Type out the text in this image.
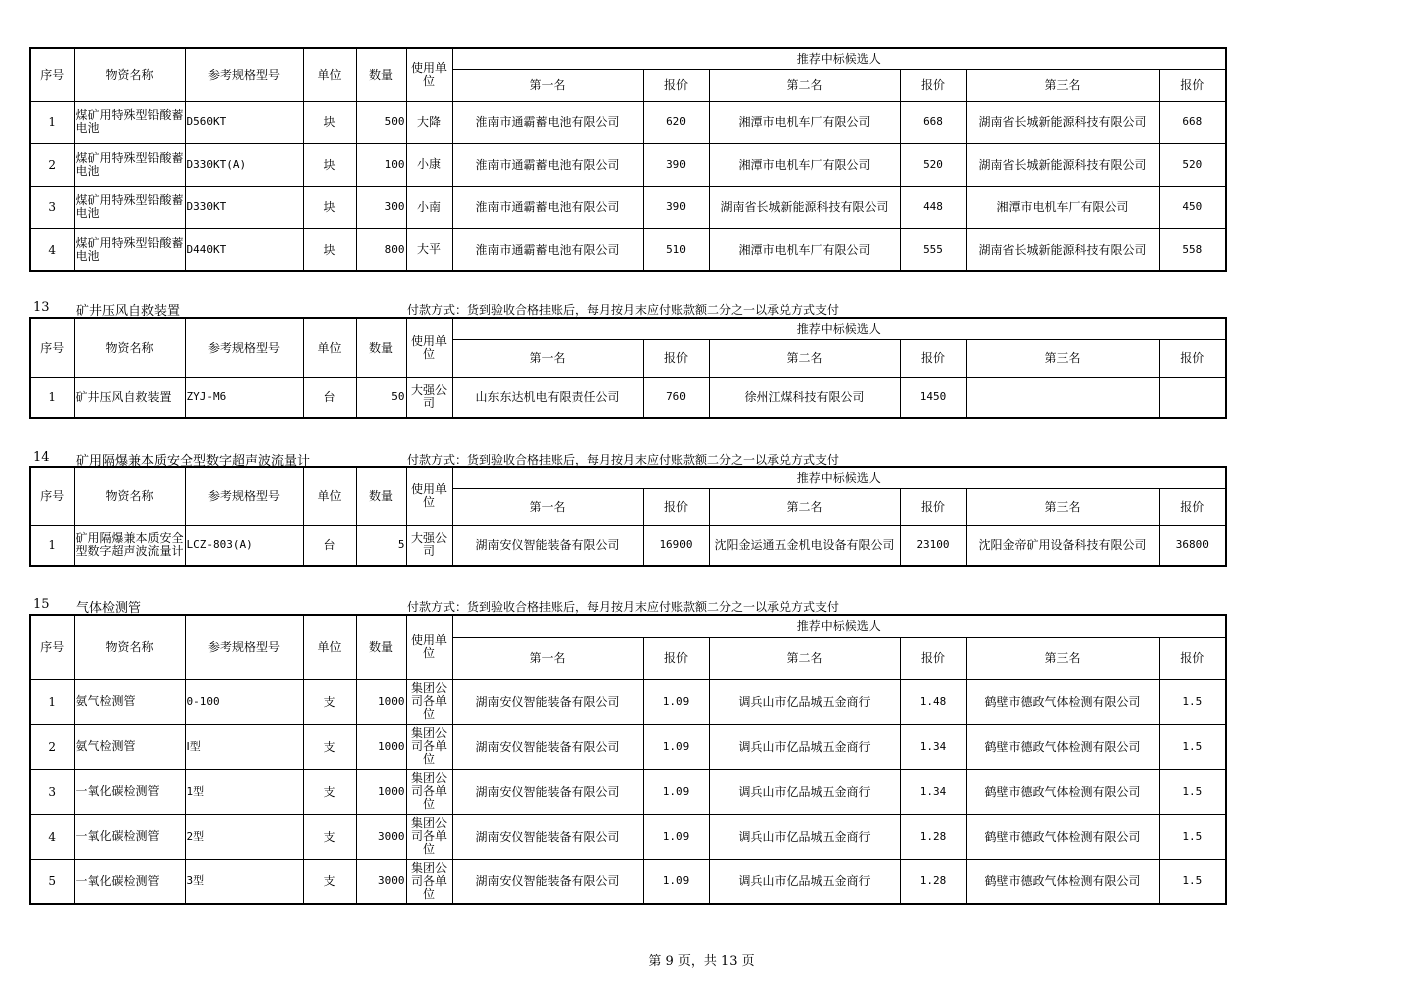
序号	物资名称	参考规格型号	单位	数量	使用单位	推荐中标候选人					
						第一名	报价	第二名	报价	第三名	报价
1	煤矿用特殊型铅酸蓄电池	D560KT	块	500	大降	淮南市通霸蓄电池有限公司	620	湘潭市电机车厂有限公司	668	湖南省长城新能源科技有限公司	668
2	煤矿用特殊型铅酸蓄电池	D330KT(A)	块	100	小康	淮南市通霸蓄电池有限公司	390	湘潭市电机车厂有限公司	520	湖南省长城新能源科技有限公司	520
3	煤矿用特殊型铅酸蓄电池	D330KT	块	300	小南	淮南市通霸蓄电池有限公司	390	湖南省长城新能源科技有限公司	448	湘潭市电机车厂有限公司	450
4	煤矿用特殊型铅酸蓄电池	D440KT	块	800	大平	淮南市通霸蓄电池有限公司	510	湘潭市电机车厂有限公司	555	湖南省长城新能源科技有限公司	558
13 矿井压风自救装置	付款方式：货到验收合格挂账后，每月按月末应付账款额二分之一以承兑方式支付
序号	物资名称	参考规格型号	单位	数量	使用单位	推荐中标候选人					
						第一名	报价	第二名	报价	第三名	报价
1	矿井压风自救装置	ZYJ-M6	台	50	大强公司	山东东达机电有限责任公司	760	徐州江煤科技有限公司	1450		
14 矿用隔爆兼本质安全型数字超声波流量计	付款方式：货到验收合格挂账后，每月按月末应付账款额二分之一以承兑方式支付
序号	物资名称	参考规格型号	单位	数量	使用单位	推荐中标候选人					
						第一名	报价	第二名	报价	第三名	报价
1	矿用隔爆兼本质安全型数字超声波流量计	LCZ-803(A)	台	5	大强公司	湖南安仪智能装备有限公司	16900	沈阳金运通五金机电设备有限公司	23100	沈阳金帝矿用设备科技有限公司	36800
15 气体检测管	付款方式：货到验收合格挂账后，每月按月末应付账款额二分之一以承兑方式支付
序号	物资名称	参考规格型号	单位	数量	使用单位	推荐中标候选人					
						第一名	报价	第二名	报价	第三名	报价
1	氨气检测管	0-100	支	1000	集团公司各单位	湖南安仪智能装备有限公司	1.09	调兵山市亿品城五金商行	1.48	鹤壁市德政气体检测有限公司	1.5
2	氨气检测管	Ⅰ型	支	1000	集团公司各单位	湖南安仪智能装备有限公司	1.09	调兵山市亿品城五金商行	1.34	鹤壁市德政气体检测有限公司	1.5
3	一氧化碳检测管	1型	支	1000	集团公司各单位	湖南安仪智能装备有限公司	1.09	调兵山市亿品城五金商行	1.34	鹤壁市德政气体检测有限公司	1.5
4	一氧化碳检测管	2型	支	3000	集团公司各单位	湖南安仪智能装备有限公司	1.09	调兵山市亿品城五金商行	1.28	鹤壁市德政气体检测有限公司	1.5
5	一氧化碳检测管	3型	支	3000	集团公司各单位	湖南安仪智能装备有限公司	1.09	调兵山市亿品城五金商行	1.28	鹤壁市德政气体检测有限公司	1.5
第 9 页，共 13 页
